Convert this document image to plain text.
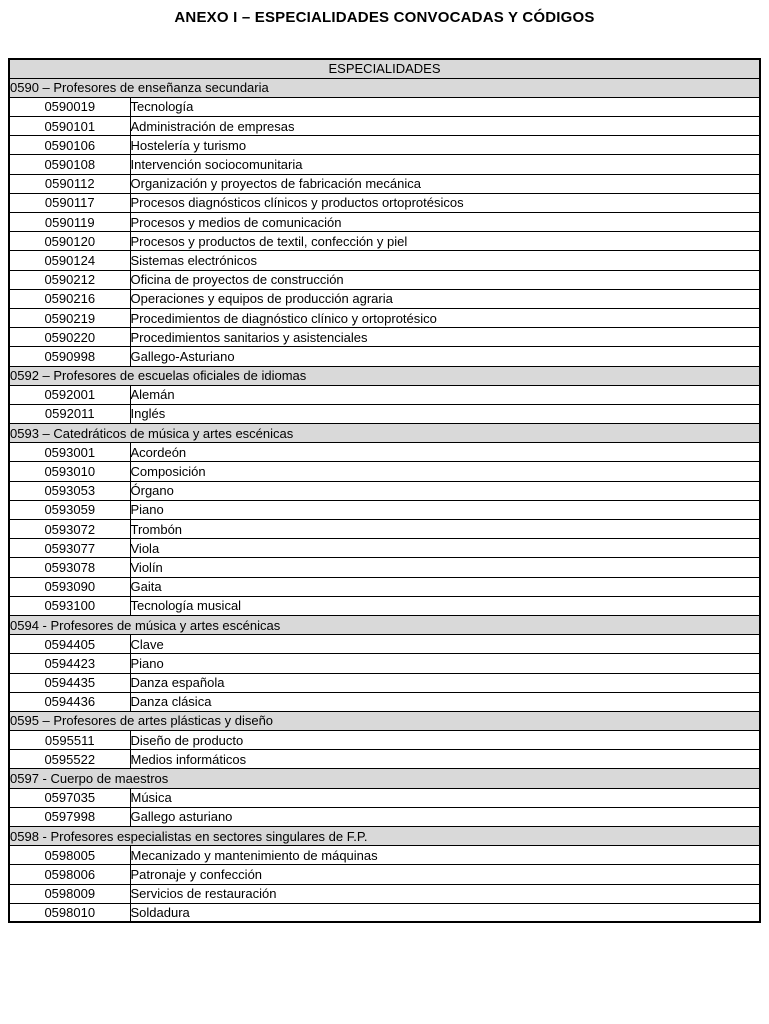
ANEXO I – ESPECIALIDADES CONVOCADAS Y CÓDIGOS
ESPECIALIDADES	
0590 – Profesores de enseñanza secundaria	
0590019	Tecnología
0590101	Administración de empresas
0590106	Hostelería y turismo
0590108	Intervención sociocomunitaria
0590112	Organización y proyectos de fabricación mecánica
0590117	Procesos diagnósticos clínicos y productos ortoprotésicos
0590119	Procesos y medios de comunicación
0590120	Procesos y productos de textil, confección y piel
0590124	Sistemas electrónicos
0590212	Oficina de proyectos de construcción
0590216	Operaciones y equipos de producción agraria
0590219	Procedimientos de diagnóstico clínico y ortoprotésico
0590220	Procedimientos sanitarios y asistenciales
0590998	Gallego-Asturiano
0592 – Profesores de escuelas oficiales de idiomas	
0592001	Alemán
0592011	Inglés
0593 – Catedráticos de música y artes escénicas	
0593001	Acordeón
0593010	Composición
0593053	Órgano
0593059	Piano
0593072	Trombón
0593077	Viola
0593078	Violín
0593090	Gaita
0593100	Tecnología musical
0594 - Profesores de música y artes escénicas	
0594405	Clave
0594423	Piano
0594435	Danza española
0594436	Danza clásica
0595 – Profesores de artes plásticas y diseño	
0595511	Diseño de producto
0595522	Medios informáticos
0597 - Cuerpo de maestros	
0597035	Música
0597998	Gallego asturiano
0598 - Profesores especialistas en sectores singulares de F.P.	
0598005	Mecanizado y mantenimiento de máquinas
0598006	Patronaje y confección
0598009	Servicios de restauración
0598010	Soldadura
